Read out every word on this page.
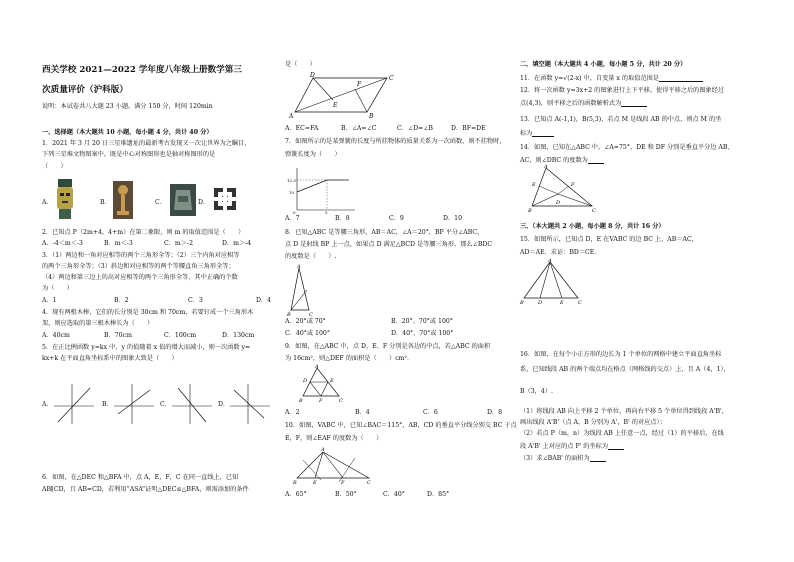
西关学校 2021—2022 学年度八年级上册数学第三
次质量评价（沪科版）
说明：本试卷共八大题 23 小题，满分 150 分，时间 120min
一、选择题（本大题共 10 小题，每小题 4 分，共计 40 分）
1．2021 年 3 月 20 日三星堆遗址的最新考古发现又一次让世界为之瞩目，
下列三星堆文物图案中，既是中心对称图形也是轴对称图形的是
（　　）
A．	B．	C．	D．
2．已知点 P（2m+4，4+m）在第二象限，则 m 的取值范围是（　　）
A．-4＜m＜-3	B．m＜-3	C．m＞-2	D．m＞-4
3．（1）两边和一角对应相等的两个三角形全等；（2）三个内角对应相等
的两个三角形全等；（3）斜边和对应相等的两个等腰直角三角形全等；
（4）两边和第三边上的高对应相等的两个三角形全等，其中正确的个数
为（　　）
A．1	B．2	C．3	D．4
4．现有两根木棒，它们的长分别是 30cm 和 70cm，若要钉成一个三角形木
架，则应选取的第三根木棒长为（　　）
A．40cm	B．70cm	C．100cm	D．130cm
5．在正比例函数 y=kx 中，y 的值随着 x 值的增大而减小，则一次函数 y=
kx+k 在平面直角坐标系中的图象大致是（　　）
A．	B．	C．	D．
6．如图，在△DEC 和△BFA 中，点 A，E，F，C 在同一直线上，已知
AB∥CD，且 AB=CD，若利用“ASA”证明△DEC≌△BFA，则需添加的条件
是（　　）
D	C
E
F
A	B
A．EC=FA	B．∠A=∠C	C．∠D=∠B	D．BF=DE
7．如图所示的是某弹簧的长度与所挂物体的质量关系为一次函数，则不挂物时，
弹簧长度为（　　）
12.5
10
0	5
A．7	B．8	C．9	D．10
8．已知△ABC 是等腰三角形，AB＝AC，∠A＝20°，BP 平分∠ABC，
点 D 是射线 BP 上一点，如果点 D 满足△BCD 是等腰三角形，那么∠BDC
的度数是（　　）.
A
B	C
A．20°或 70°	B．20°、70°或 100°
C．40°或 100°	D．40°、70°或 100°
9．如图，在△ABC 中，点 D、E、F 分别是各边的中点，若△ABC 的面积
为 16cm²，则△DEF 的面积是（　　）cm²．
A
D	E
B	F	C
A．2	B．4	C．6	D．8
10．如图，VABC 中，已知∠BAC＝115°，AB，CD 的垂直平分线分别交 BC 于点
E，F，则∠EAF 的度数为（　　）
A
B	E	F	C
A．65°	B．50°	C．40°	D．85°
二、填空题（本大题共 4 小题，每小题 5 分，共计 20 分）
11．在函数 y=√(2-x) 中，自变量 x 的取值范围是
12．将一次函数 y=3x+2 的图象进行上下平移，使得平移之后的图象经过
点(4,3)，则平移之后的函数解析式为
13．已知点 A(-1,1)，B(5,3)，若点 M 是线段 AB 的中点，则点 M 的坐
标为
14．如图，已知在△ABC 中，∠A=75°，DE 和 DF 分别是垂直平分边 AB、
AC，则∠DBC 的度数为
A
E
B
D
C
F
三、（本大题共 2 小题，每小题 8 分，共计 16 分）
15．如图所示，已知点 D，E 在VABC 的边 BC 上，AB＝AC，
AD＝AE．求证：BD＝CE．
A
B	D	E	C
16．如图，在每个小正方形的边长为 1 个单位的网格中建立平面直角坐标
系，已知线段 AB 的两个端点均在格点（网格线的交点）上，且 A（4，1），
B（3，4）.
（1）将线段 AB 向上平移 2 个单位，再向右平移 5 个单位得到线段 A'B'，
画出线段 A'B'（点 A，B 分别为 A'，B' 的对应点）；
（2）若点 P（m，n）为线段 AB 上任意一点，经过（1）的平移后，在线
段 A'B' 上对应的点 P' 的坐标为
（3）求∠BAB' 的面积为
